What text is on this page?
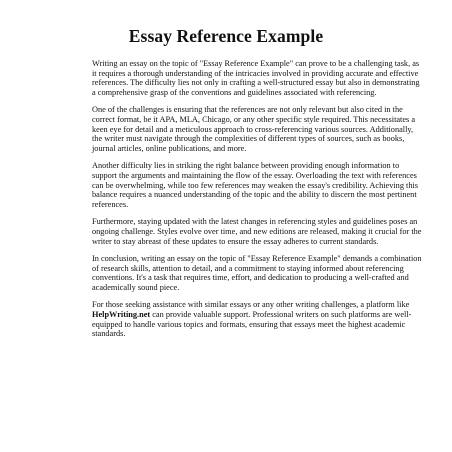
Essay Reference Example

Writing an essay on the topic of "Essay Reference Example" can prove to be a challenging task, as it requires a thorough understanding of the intricacies involved in providing accurate and effective references. The difficulty lies not only in crafting a well-structured essay but also in demonstrating a comprehensive grasp of the conventions and guidelines associated with referencing.

One of the challenges is ensuring that the references are not only relevant but also cited in the correct format, be it APA, MLA, Chicago, or any other specific style required. This necessitates a keen eye for detail and a meticulous approach to cross-referencing various sources. Additionally, the writer must navigate through the complexities of different types of sources, such as books, journal articles, online publications, and more.

Another difficulty lies in striking the right balance between providing enough information to support the arguments and maintaining the flow of the essay. Overloading the text with references can be overwhelming, while too few references may weaken the essay's credibility. Achieving this balance requires a nuanced understanding of the topic and the ability to discern the most pertinent references.

Furthermore, staying updated with the latest changes in referencing styles and guidelines poses an ongoing challenge. Styles evolve over time, and new editions are released, making it crucial for the writer to stay abreast of these updates to ensure the essay adheres to current standards.

In conclusion, writing an essay on the topic of "Essay Reference Example" demands a combination of research skills, attention to detail, and a commitment to staying informed about referencing conventions. It's a task that requires time, effort, and dedication to producing a well-crafted and academically sound piece.

For those seeking assistance with similar essays or any other writing challenges, a platform like HelpWriting.net can provide valuable support. Professional writers on such platforms are well-equipped to handle various topics and formats, ensuring that essays meet the highest academic standards.
